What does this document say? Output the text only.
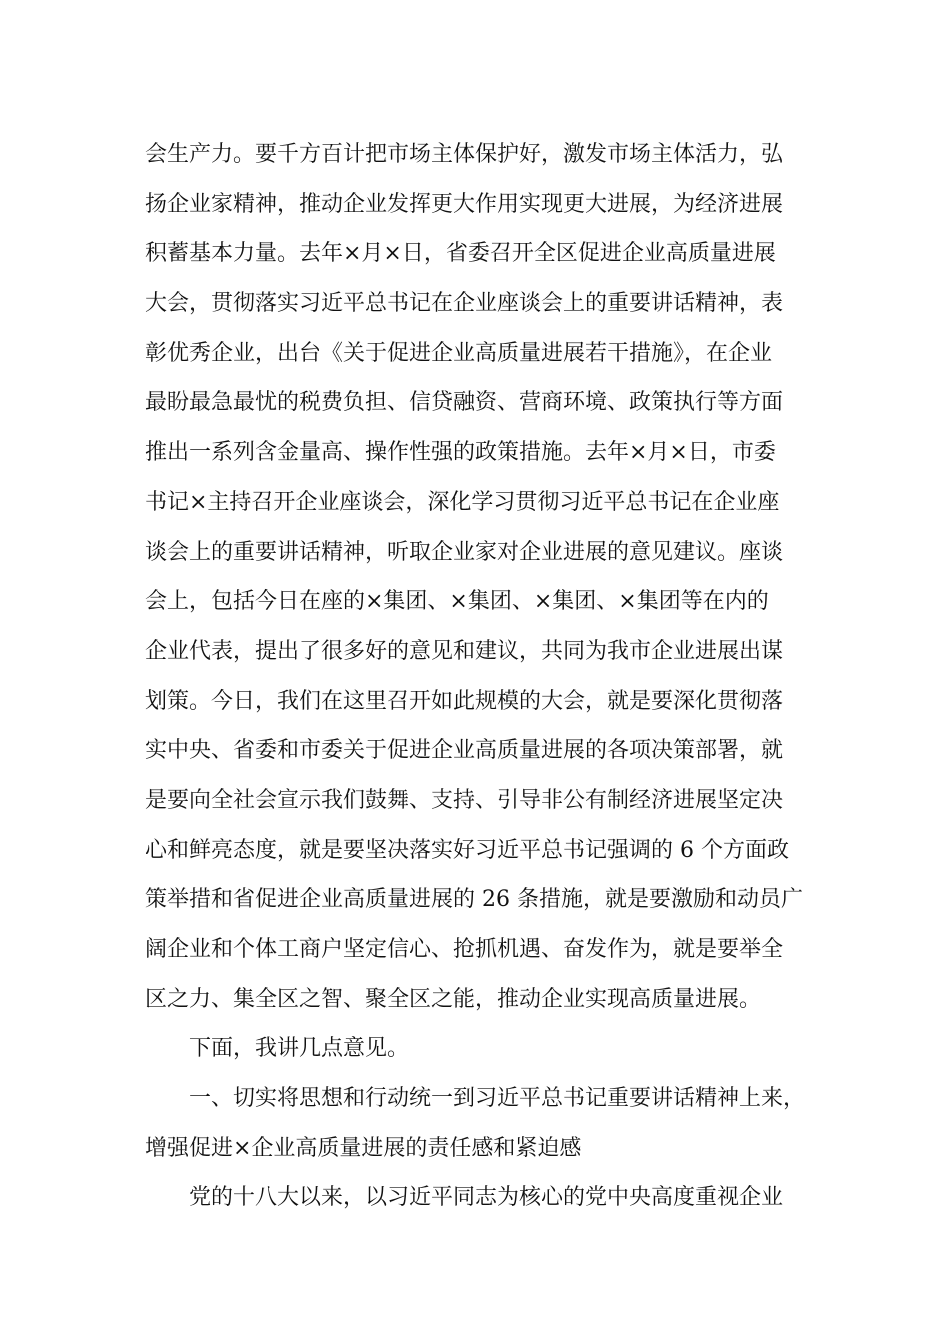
会生产力。要千方百计把市场主体保护好，激发市场主体活力，弘
扬企业家精神，推动企业发挥更大作用实现更大进展，为经济进展
积蓄基本力量。去年×月×日，省委召开全区促进企业高质量进展
大会，贯彻落实习近平总书记在企业座谈会上的重要讲话精神，表
彰优秀企业，出台《关于促进企业高质量进展若干措施》，在企业
最盼最急最忧的税费负担、信贷融资、营商环境、政策执行等方面
推出一系列含金量高、操作性强的政策措施。去年×月×日，市委
书记×主持召开企业座谈会，深化学习贯彻习近平总书记在企业座
谈会上的重要讲话精神，听取企业家对企业进展的意见建议。座谈
会上，包括今日在座的×集团、×集团、×集团、×集团等在内的
企业代表，提出了很多好的意见和建议，共同为我市企业进展出谋
划策。今日，我们在这里召开如此规模的大会，就是要深化贯彻落
实中央、省委和市委关于促进企业高质量进展的各项决策部署，就
是要向全社会宣示我们鼓舞、支持、引导非公有制经济进展坚定决
心和鲜亮态度，就是要坚决落实好习近平总书记强调的 6 个方面政
策举措和省促进企业高质量进展的 26 条措施，就是要激励和动员广
阔企业和个体工商户坚定信心、抢抓机遇、奋发作为，就是要举全
区之力、集全区之智、聚全区之能，推动企业实现高质量进展。
下面，我讲几点意见。
一、切实将思想和行动统一到习近平总书记重要讲话精神上来，
增强促进×企业高质量进展的责任感和紧迫感
党的十八大以来，以习近平同志为核心的党中央高度重视企业
